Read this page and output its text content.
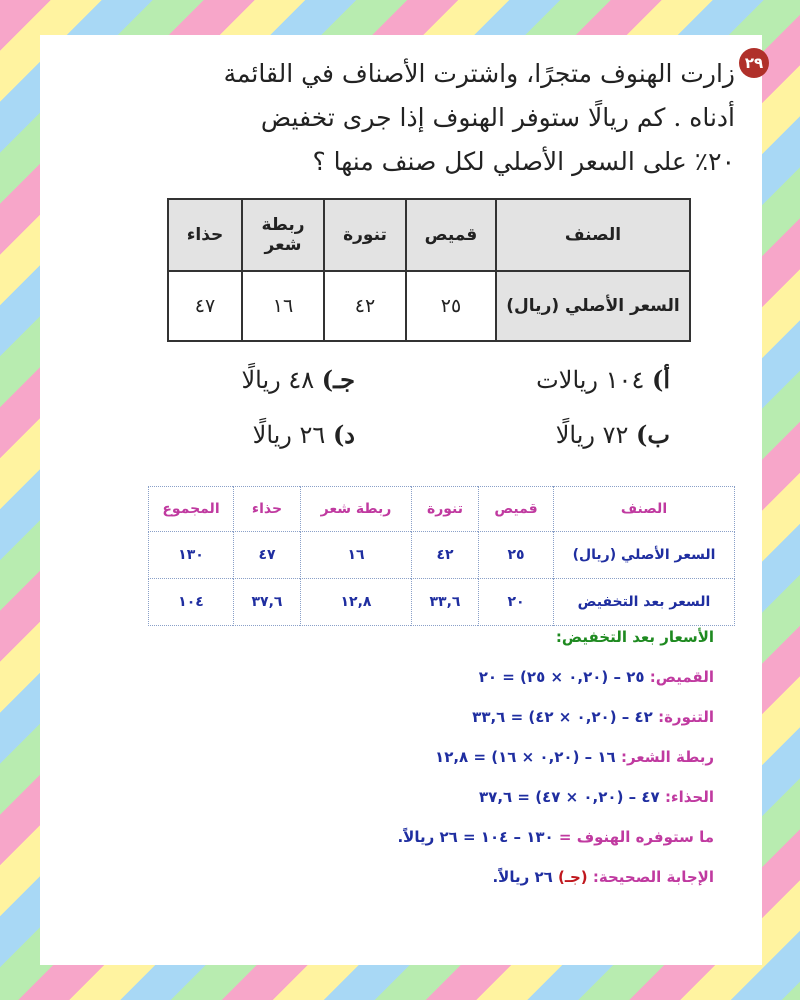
٢٩
زارت الهنوف متجرًا، واشترت الأصناف في القائمة
أدناه . كم ريالًا ستوفر الهنوف إذا جرى تخفيض
٢٠٪ على السعر الأصلي لكل صنف منها ؟
الصنف	قميص	تنورة	ربطة شعر	حذاء
السعر الأصلي (ريال)	٢٥	٤٢	١٦	٤٧
أ) ١٠٤ ريالات
جـ) ٤٨ ريالًا
ب) ٧٢ ريالًا
د) ٢٦ ريالًا
الصنف	قميص	تنورة	ربطة شعر	حذاء	المجموع
السعر الأصلي (ريال)	٢٥	٤٢	١٦	٤٧	١٣٠
السعر بعد التخفيض	٢٠	٣٣,٦	١٢,٨	٣٧,٦	١٠٤
الأسعار بعد التخفيض:
القميص: ٢٥ – (٠,٢٠ × ٢٥) = ٢٠
التنورة: ٤٢ – (٠,٢٠ × ٤٢) = ٣٣,٦
ربطة الشعر: ١٦ – (٠,٢٠ × ١٦) = ١٢,٨
الحذاء: ٤٧ – (٠,٢٠ × ٤٧) = ٣٧,٦
ما ستوفره الهنوف = ١٣٠ – ١٠٤ = ٢٦ ريالاً.
الإجابة الصحيحة: (جـ) ٢٦ ريالاً.
